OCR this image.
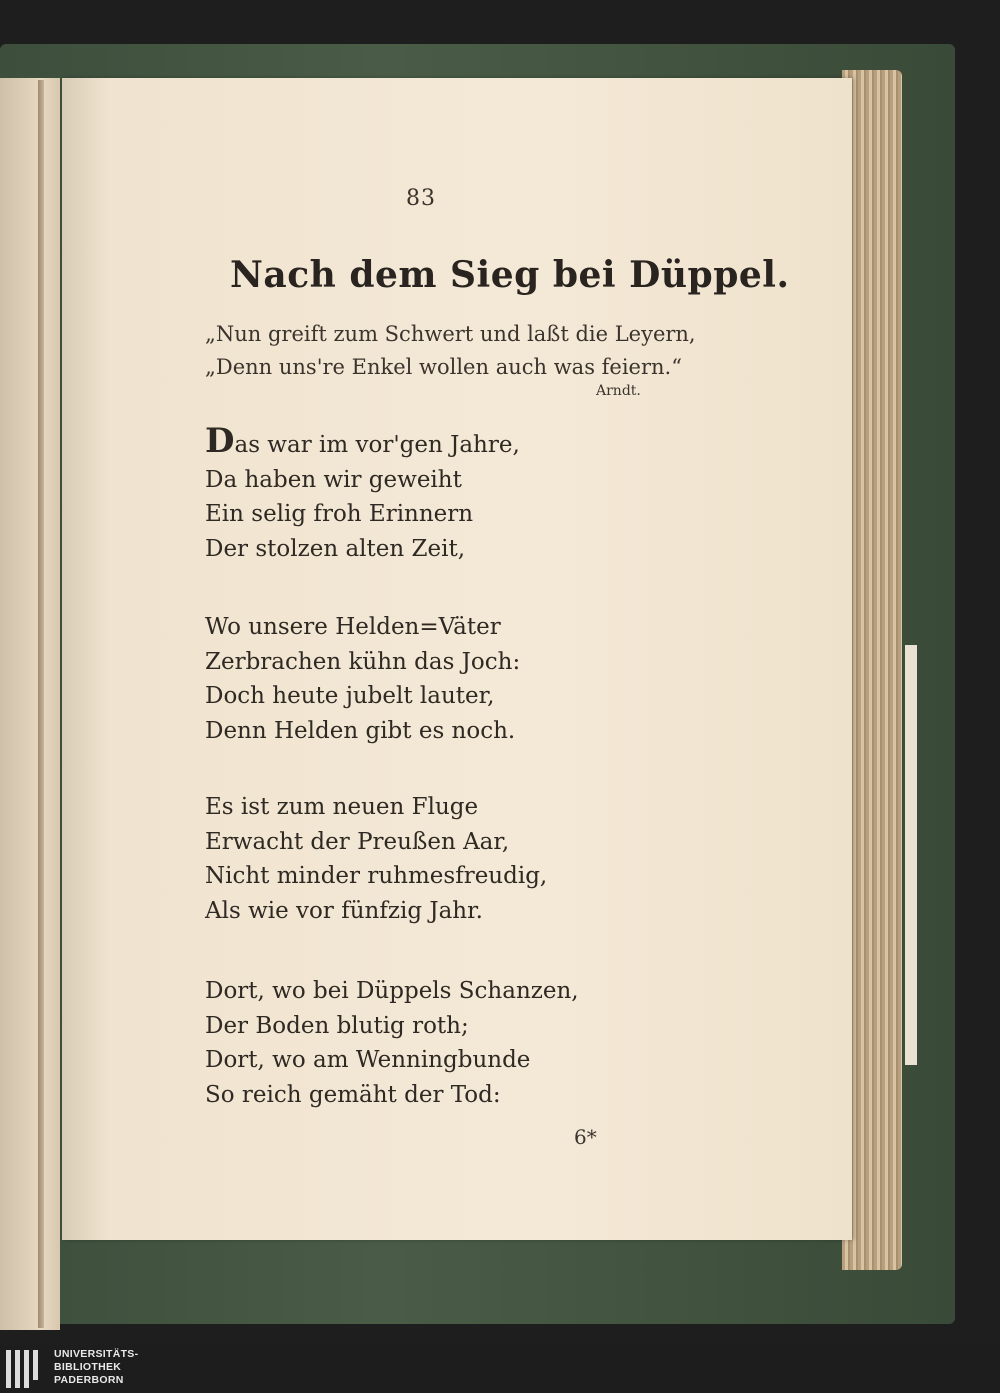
83
Nach dem Sieg bei Düppel.
„Nun greift zum Schwert und laßt die Leyern,
„Denn uns're Enkel wollen auch was feiern.“
Arndt.
Das war im vor'gen Jahre,
Da haben wir geweiht
Ein selig froh Erinnern
Der stolzen alten Zeit,
Wo unsere Helden=Väter
Zerbrachen kühn das Joch:
Doch heute jubelt lauter,
Denn Helden gibt es noch.
Es ist zum neuen Fluge
Erwacht der Preußen Aar,
Nicht minder ruhmesfreudig,
Als wie vor fünfzig Jahr.
Dort, wo bei Düppels Schanzen,
Der Boden blutig roth;
Dort, wo am Wenningbunde
So reich gemäht der Tod:
6*
UNIVERSITÄTS-
BIBLIOTHEK
PADERBORN
